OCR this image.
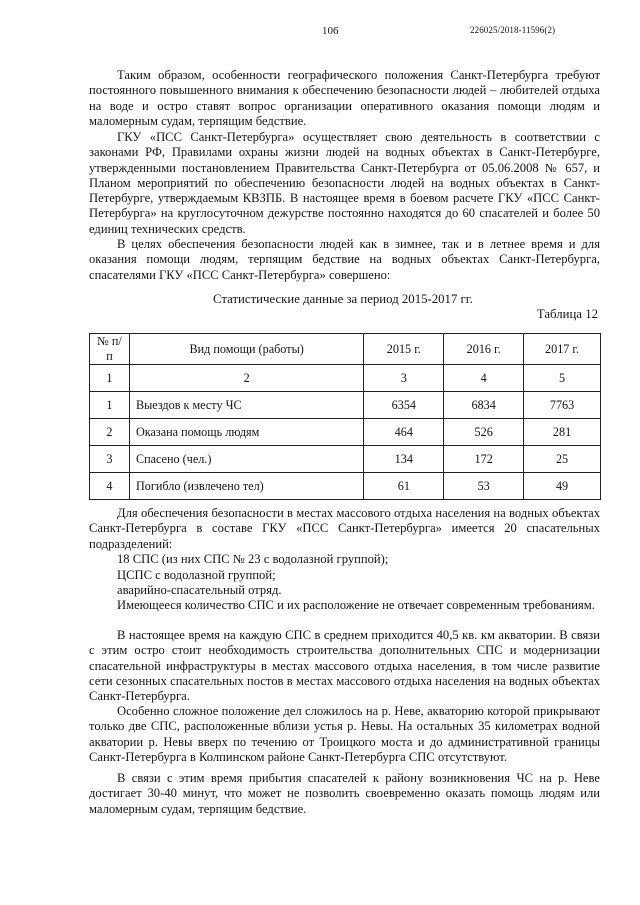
106	226025/2018-11596(2)

Таким образом, особенности географического положения Санкт-Петербурга требуют постоянного повышенного внимания к обеспечению безопасности людей – любителей отдыха на воде и остро ставят вопрос организации оперативного оказания помощи людям и маломерным судам, терпящим бедствие.

ГКУ «ПСС Санкт-Петербурга» осуществляет свою деятельность в соответствии с законами РФ, Правилами охраны жизни людей на водных объектах в Санкт-Петербурге, утвержденными постановлением Правительства Санкт-Петербурга от 05.06.2008 № 657, и Планом мероприятий по обеспечению безопасности людей на водных объектах в Санкт-Петербурге, утверждаемым КВЗПБ. В настоящее время в боевом расчете ГКУ «ПСС Санкт-Петербурга» на круглосуточном дежурстве постоянно находятся до 60 спасателей и более 50 единиц технических средств.

В целях обеспечения безопасности людей как в зимнее, так и в летнее время и для оказания помощи людям, терпящим бедствие на водных объектах Санкт-Петербурга, спасателями ГКУ «ПСС Санкт-Петербурга» совершено:

Статистические данные за период 2015-2017 гг.
Таблица 12
№ п/п	Вид помощи (работы)	2015 г.	2016 г.	2017 г.
1	2	3	4	5
1	Выездов к месту ЧС	6354	6834	7763
2	Оказана помощь людям	464	526	281
3	Спасено (чел.)	134	172	25
4	Погибло (извлечено тел)	61	53	49

Для обеспечения безопасности в местах массового отдыха населения на водных объектах Санкт-Петербурга в составе ГКУ «ПСС Санкт-Петербурга» имеется 20 спасательных подразделений:

18 СПС (из них СПС № 23 с водолазной группой);

ЦСПС с водолазной группой;

аварийно-спасательный отряд.

Имеющееся количество СПС и их расположение не отвечает современным требованиям.

В настоящее время на каждую СПС в среднем приходится 40,5 кв. км акватории. В связи с этим остро стоит необходимость строительства дополнительных СПС и модернизации спасательной инфраструктуры в местах массового отдыха населения, в том числе развитие сети сезонных спасательных постов в местах массового отдыха населения на водных объектах Санкт-Петербурга.

Особенно сложное положение дел сложилось на р. Неве, акваторию которой прикрывают только две СПС, расположенные вблизи устья р. Невы. На остальных 35 километрах водной акватории р. Невы вверх по течению от Троицкого моста и до административной границы Санкт-Петербурга в Колпинском районе Санкт-Петербурга СПС отсутствуют.

В связи с этим время прибытия спасателей к району возникновения ЧС на р. Неве достигает 30-40 минут, что может не позволить своевременно оказать помощь людям или маломерным судам, терпящим бедствие.
